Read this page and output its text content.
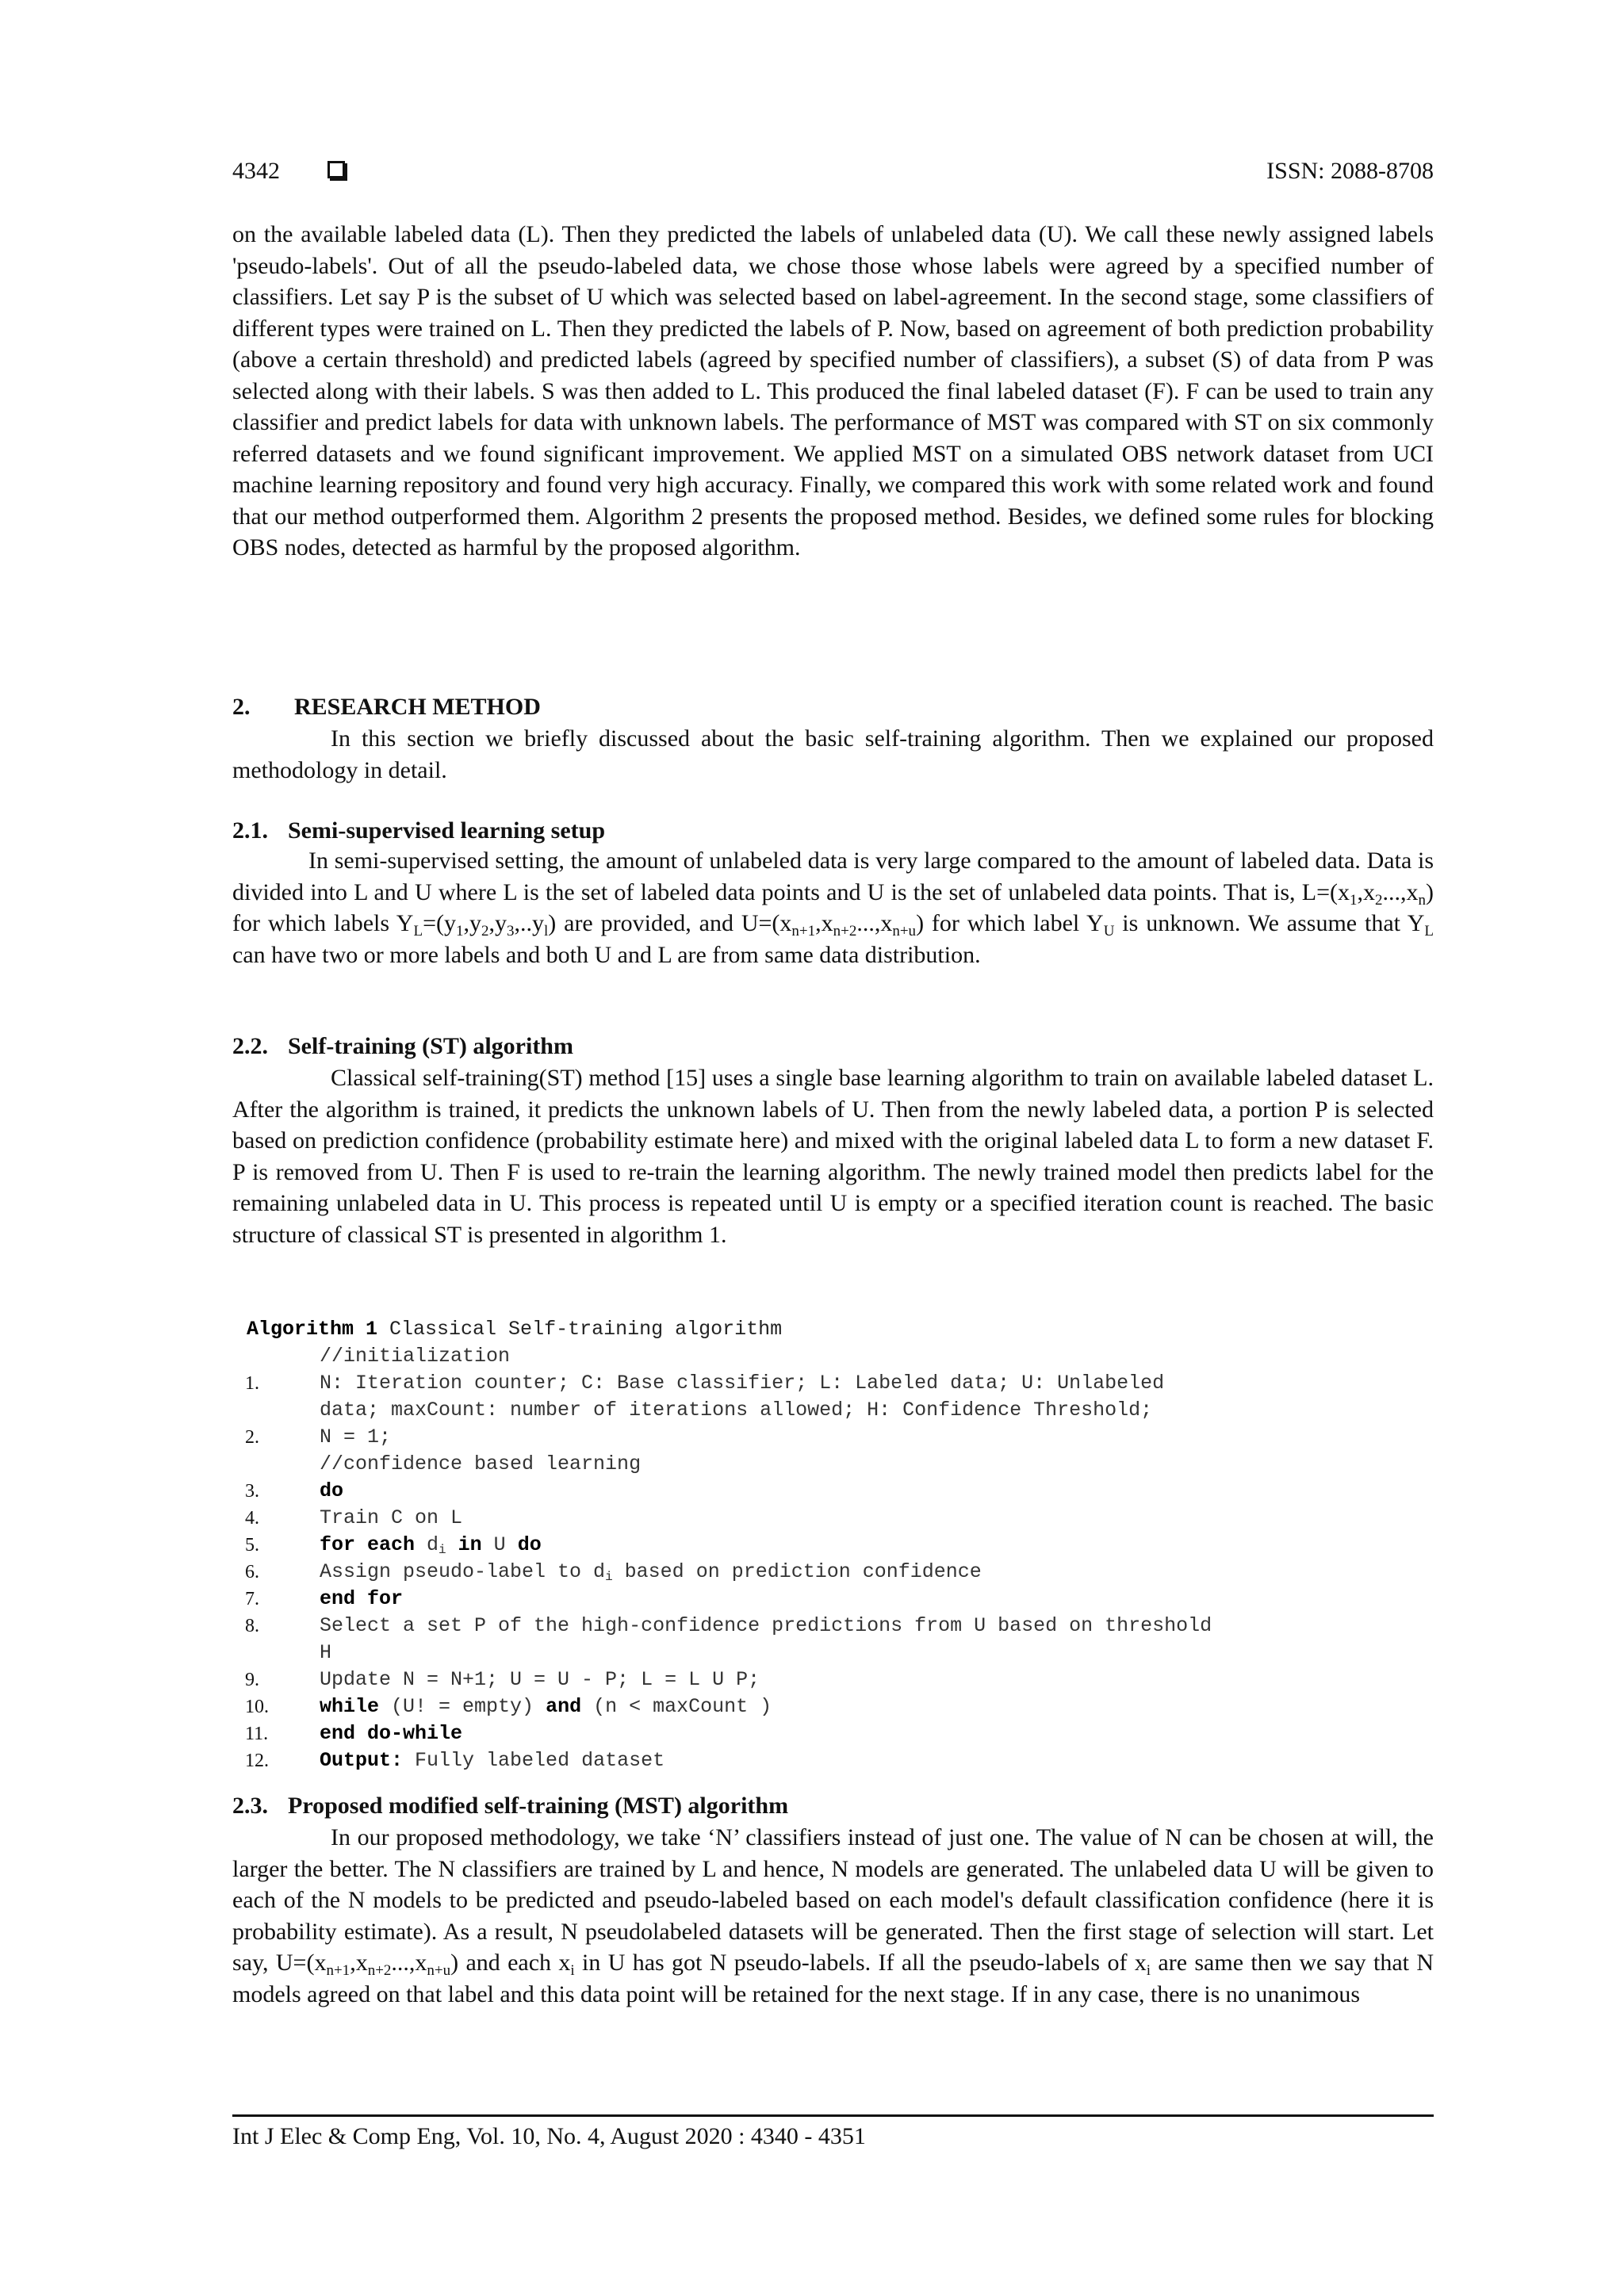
4342	ISSN: 2088-8708

on the available labeled data (L). Then they predicted the labels of unlabeled data (U). We call these newly assigned labels 'pseudo-labels'. Out of all the pseudo-labeled data, we chose those whose labels were agreed by a specified number of classifiers. Let say P is the subset of U which was selected based on label-agreement. In the second stage, some classifiers of different types were trained on L. Then they predicted the labels of P. Now, based on agreement of both prediction probability (above a certain threshold) and predicted labels (agreed by specified number of classifiers), a subset (S) of data from P was selected along with their labels. S was then added to L. This produced the final labeled dataset (F). F can be used to train any classifier and predict labels for data with unknown labels. The performance of MST was compared with ST on six commonly referred datasets and we found significant improvement. We applied MST on a simulated OBS network dataset from UCI machine learning repository and found very high accuracy. Finally, we compared this work with some related work and found that our method outperformed them. Algorithm 2 presents the proposed method. Besides, we defined some rules for blocking OBS nodes, detected as harmful by the proposed algorithm.

2. RESEARCH METHOD

In this section we briefly discussed about the basic self-training algorithm. Then we explained our proposed methodology in detail.

2.1. Semi-supervised learning setup

In semi-supervised setting, the amount of unlabeled data is very large compared to the amount of labeled data. Data is divided into L and U where L is the set of labeled data points and U is the set of unlabeled data points. That is, $L=(x_1,x_2...,x_n)$ for which labels $Y_L=(y_1,y_2,y_3,..y_l)$ are provided, and $U=(x_{n+1},x_{n+2}...,x_{n+u})$ for which label $Y_U$ is unknown. We assume that $Y_L$ can have two or more labels and both U and L are from same data distribution.

2.2. Self-training (ST) algorithm

Classical self-training(ST) method [15] uses a single base learning algorithm to train on available labeled dataset L. After the algorithm is trained, it predicts the unknown labels of U. Then from the newly labeled data, a portion P is selected based on prediction confidence (probability estimate here) and mixed with the original labeled data L to form a new dataset F. P is removed from U. Then F is used to re-train the learning algorithm. The newly trained model then predicts label for the remaining unlabeled data in U. This process is repeated until U is empty or a specified iteration count is reached. The basic structure of classical ST is presented in algorithm 1.

Algorithm 1 Classical Self-training algorithm
//initialization
1.	N: Iteration counter; C: Base classifier; L: Labeled data; U: Unlabeled
data; maxCount: number of iterations allowed; H: Confidence Threshold;
2.	N = 1;
//confidence based learning
3.	do
4.	Train C on L
5.	for each $d_i$ in U do
6.	Assign pseudo-label to $d_i$ based on prediction confidence
7.	end for
8.	Select a set P of the high-confidence predictions from U based on threshold
H
9.	Update N = N+1; U = U - P; L = L U P;
10.	while (U! = empty) and (n < maxCount )
11.	end do-while
12.	Output: Fully labeled dataset
2.3. Proposed modified self-training (MST) algorithm

In our proposed methodology, we take ‘N’ classifiers instead of just one. The value of N can be chosen at will, the larger the better. The N classifiers are trained by L and hence, N models are generated. The unlabeled data U will be given to each of the N models to be predicted and pseudo-labeled based on each model's default classification confidence (here it is probability estimate). As a result, N pseudolabeled datasets will be generated. Then the first stage of selection will start. Let say, $U=(x_{n+1},x_{n+2}...,x_{n+u})$ and each $x_i$ in U has got N pseudo-labels. If all the pseudo-labels of $x_i$ are same then we say that N models agreed on that label and this data point will be retained for the next stage. If in any case, there is no unanimous

Int J Elec & Comp Eng, Vol. 10, No. 4, August 2020 : 4340 - 4351
